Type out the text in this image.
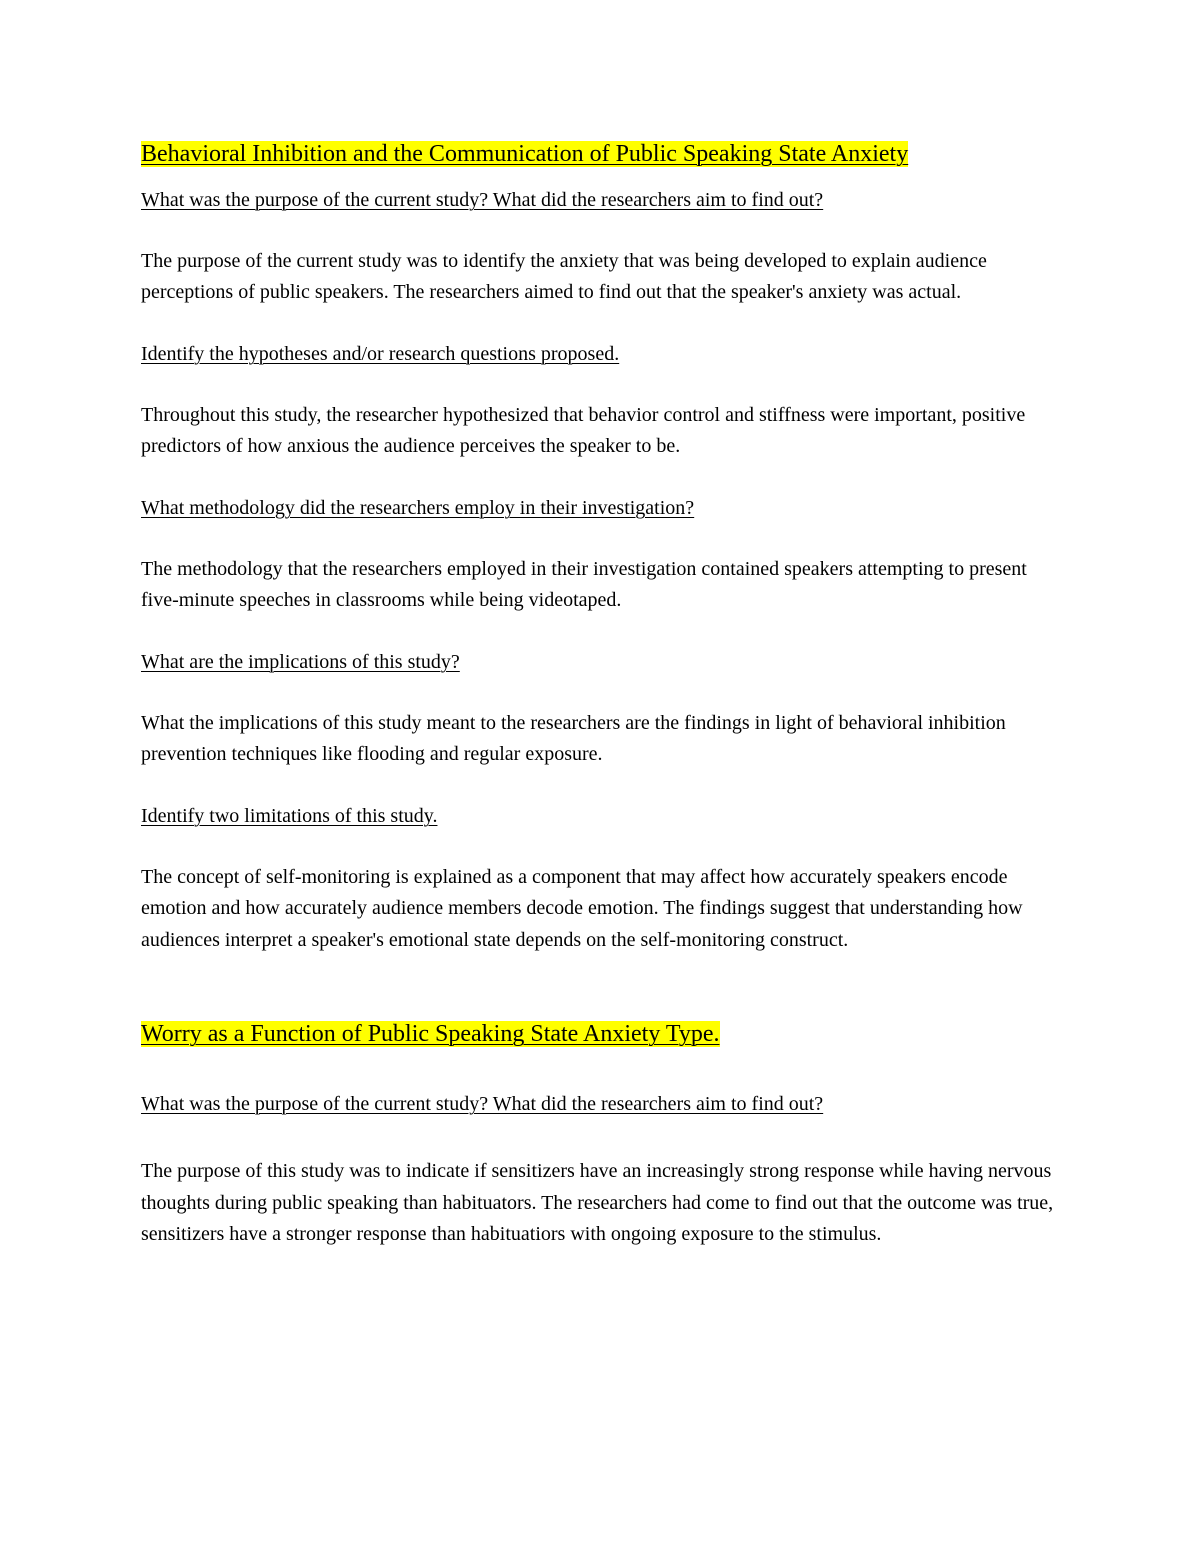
Behavioral Inhibition and the Communication of Public Speaking State Anxiety

What was the purpose of the current study? What did the researchers aim to find out?

The purpose of the current study was to identify the anxiety that was being developed to explain audience perceptions of public speakers. The researchers aimed to find out that the speaker's anxiety was actual.

Identify the hypotheses and/or research questions proposed.

Throughout this study, the researcher hypothesized that behavior control and stiffness were important, positive predictors of how anxious the audience perceives the speaker to be.

What methodology did the researchers employ in their investigation?

The methodology that the researchers employed in their investigation contained speakers attempting to present five-minute speeches in classrooms while being videotaped.

What are the implications of this study?

What the implications of this study meant to the researchers are the findings in light of behavioral inhibition prevention techniques like flooding and regular exposure.

Identify two limitations of this study.

The concept of self-monitoring is explained as a component that may affect how accurately speakers encode emotion and how accurately audience members decode emotion. The findings suggest that understanding how audiences interpret a speaker's emotional state depends on the self-monitoring construct.

Worry as a Function of Public Speaking State Anxiety Type.

What was the purpose of the current study? What did the researchers aim to find out?

The purpose of this study was to indicate if sensitizers have an increasingly strong response while having nervous thoughts during public speaking than habituators. The researchers had come to find out that the outcome was true, sensitizers have a stronger response than habituatiors with ongoing exposure to the stimulus.
